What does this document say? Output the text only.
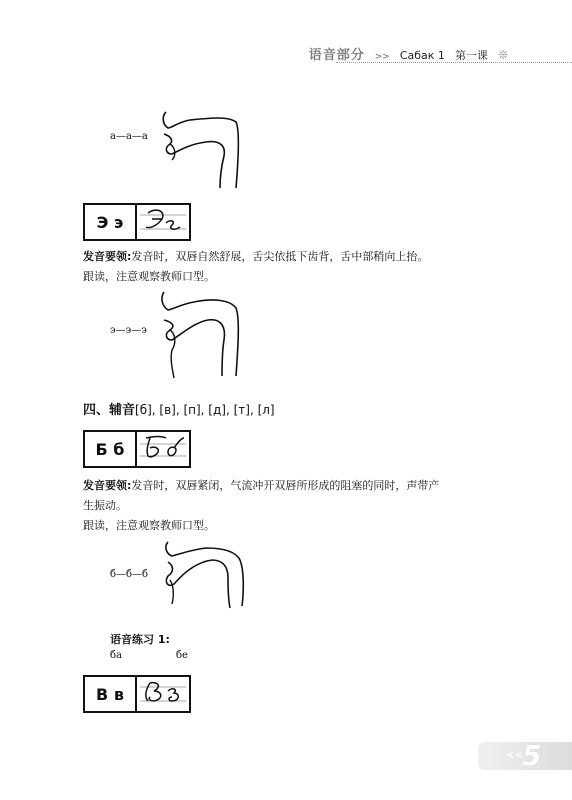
语音部分 >> Сабак 1 第一课 ❊
а—а—а
Э э
发音要领:发音时，双唇自然舒展，舌尖依抵下齿背，舌中部稍向上抬。
跟读，注意观察教师口型。
э—э—э
四、辅音[б], [в], [п], [д], [т], [л]
Б б
发音要领:发音时，双唇紧闭，气流冲开双唇所形成的阻塞的同时，声带产
生振动。
跟读，注意观察教师口型。
б—б—б
语音练习 1:
ба	бе
В в
<< 5
